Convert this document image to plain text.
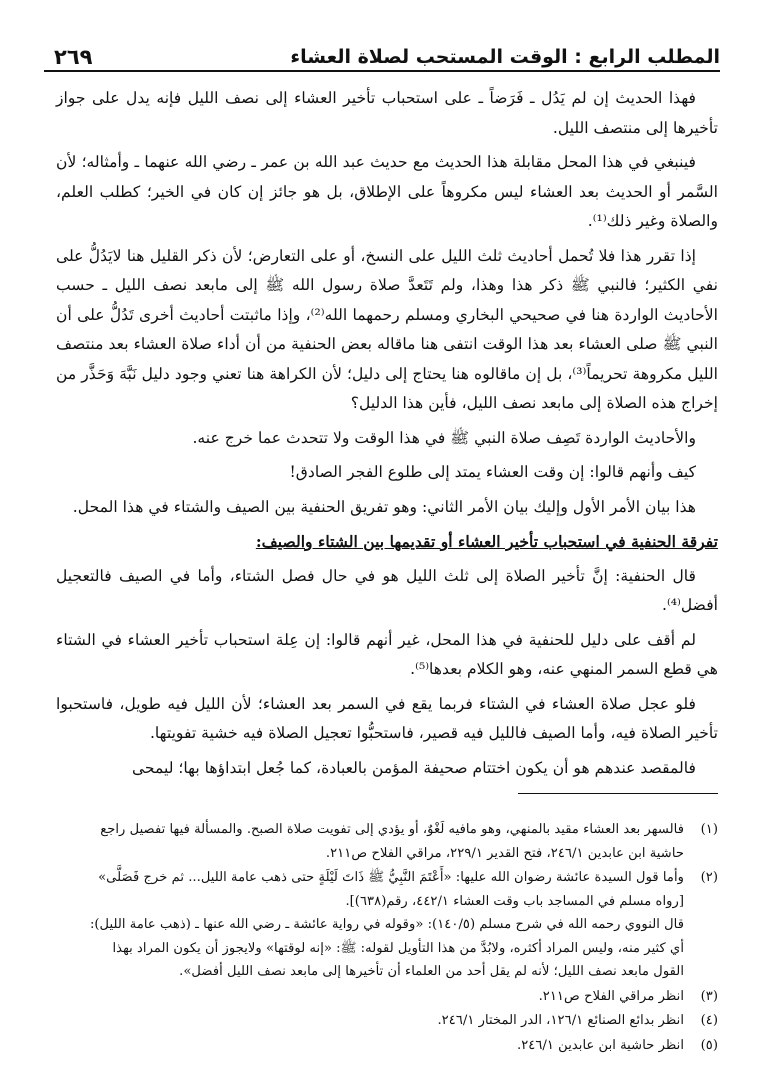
المطلب الرابع : الوقت المستحب لصلاة العشاء
٢٦٩

فهذا الحديث إن لم يَدُل ـ فَرَضاً ـ على استحباب تأخير العشاء إلى نصف الليل فإنه يدل على جواز تأخيرها إلى منتصف الليل.

فينبغي في هذا المحل مقابلة هذا الحديث مع حديث عبد الله بن عمر ـ رضي الله عنهما ـ وأمثاله؛ لأن السَّمر أو الحديث بعد العشاء ليس مكروهاً على الإطلاق، بل هو جائز إن كان في الخير؛ كطلب العلم، والصلاة وغير ذلك⁽¹⁾.

إذا تقرر هذا فلا تُحمل أحاديث ثلث الليل على النسخ، أو على التعارض؛ لأن ذكر القليل هنا لايَدُلُّ على نفي الكثير؛ فالنبي ﷺ ذكر هذا وهذا، ولم تَتَعدَّ صلاة رسول الله ﷺ إلى مابعد نصف الليل ـ حسب الأحاديث الواردة هنا في صحيحي البخاري ومسلم رحمهما الله⁽²⁾، وإذا ماثبتت أحاديث أخرى تَدُلُّ على أن النبي ﷺ صلى العشاء بعد هذا الوقت انتفى هنا ماقاله بعض الحنفية من أن أداء صلاة العشاء بعد منتصف الليل مكروهة تحريماً⁽³⁾، بل إن ماقالوه هنا يحتاج إلى دليل؛ لأن الكراهة هنا تعني وجود دليل نَبَّهَ وَحَذَّر من إخراج هذه الصلاة إلى مابعد نصف الليل، فأين هذا الدليل؟

والأحاديث الواردة تَصِف صلاة النبي ﷺ في هذا الوقت ولا تتحدث عما خرج عنه.

كيف وأنهم قالوا: إن وقت العشاء يمتد إلى طلوع الفجر الصادق!

هذا بيان الأمر الأول وإليك بيان الأمر الثاني: وهو تفريق الحنفية بين الصيف والشتاء في هذا المحل.

تفرقة الحنفية في استحباب تأخير العشاء أو تقديمها بين الشتاء والصيف:

قال الحنفية: إنَّ تأخير الصلاة إلى ثلث الليل هو في حال فصل الشتاء، وأما في الصيف فالتعجيل أفضل⁽⁴⁾.

لم أقف على دليل للحنفية في هذا المحل، غير أنهم قالوا: إن عِلة استحباب تأخير العشاء في الشتاء هي قطع السمر المنهي عنه، وهو الكلام بعدها⁽⁵⁾.

فلو عجل صلاة العشاء في الشتاء فربما يقع في السمر بعد العشاء؛ لأن الليل فيه طويل، فاستحبوا تأخير الصلاة فيه، وأما الصيف فالليل فيه قصير، فاستحبُّوا تعجيل الصلاة فيه خشية تفويتها.

فالمقصد عندهم هو أن يكون اختتام صحيفة المؤمن بالعبادة، كما جُعل ابتداؤها بها؛ ليمحى

(١)
فالسهر بعد العشاء مقيد بالمنهي، وهو مافيه لَغْوٌ، أو يؤدي إلى تفويت صلاة الصبح. والمسألة فيها تفصيل راجع
حاشية ابن عابدين ٢٤٦/١، فتح القدير ٢٢٩/١، مراقي الفلاح ص٢١١.
(٢)
وأما قول السيدة عائشة رضوان الله عليها: «أَعْتَمَ النَّبِيُّ ﷺ ذَاتَ لَيْلَةٍ حتى ذهب عامة الليل... ثم خرج فَصَلَّى»
[رواه مسلم في المساجد باب وقت العشاء ٤٤٢/١، رقم(٦٣٨)].
قال النووي رحمه الله في شرح مسلم (١٤٠/٥): «وقوله في رواية عائشة ـ رضي الله عنها ـ (ذهب عامة الليل):
أي كثير منه، وليس المراد أكثره، ولابُدَّ من هذا التأويل لقوله: ﷺ: «إنه لوقتها» ولايجوز أن يكون المراد بهذا
القول مابعد نصف الليل؛ لأنه لم يقل أحد من العلماء أن تأخيرها إلى مابعد نصف الليل أفضل».
(٣)
انظر مراقي الفلاح ص٢١١.
(٤)
انظر بدائع الصنائع ١٢٦/١، الدر المختار ٢٤٦/١.
(٥)
انظر حاشية ابن عابدين ٢٤٦/١.
